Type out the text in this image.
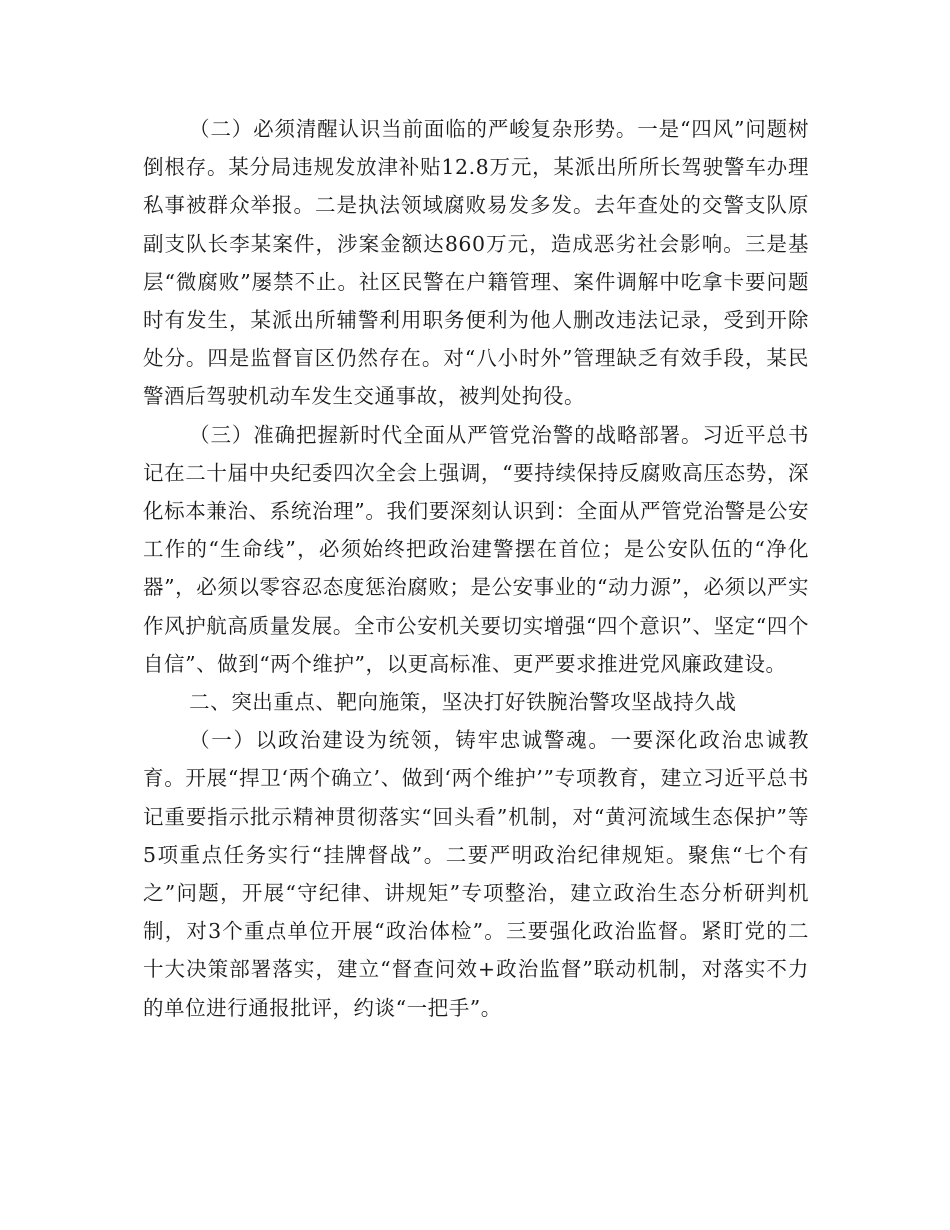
（二）必须清醒认识当前面临的严峻复杂形势。一是“四风”问题树倒根存。某分局违规发放津补贴12.8万元，某派出所所长驾驶警车办理私事被群众举报。二是执法领域腐败易发多发。去年查处的交警支队原副支队长李某案件，涉案金额达860万元，造成恶劣社会影响。三是基层“微腐败”屡禁不止。社区民警在户籍管理、案件调解中吃拿卡要问题时有发生，某派出所辅警利用职务便利为他人删改违法记录，受到开除处分。四是监督盲区仍然存在。对“八小时外”管理缺乏有效手段，某民警酒后驾驶机动车发生交通事故，被判处拘役。

（三）准确把握新时代全面从严管党治警的战略部署。习近平总书记在二十届中央纪委四次全会上强调，“要持续保持反腐败高压态势，深化标本兼治、系统治理”。我们要深刻认识到：全面从严管党治警是公安工作的“生命线”，必须始终把政治建警摆在首位；是公安队伍的“净化器”，必须以零容忍态度惩治腐败；是公安事业的“动力源”，必须以严实作风护航高质量发展。全市公安机关要切实增强“四个意识”、坚定“四个自信”、做到“两个维护”，以更高标准、更严要求推进党风廉政建设。

二、突出重点、靶向施策，坚决打好铁腕治警攻坚战持久战

（一）以政治建设为统领，铸牢忠诚警魂。一要深化政治忠诚教育。开展“捍卫‘两个确立’、做到‘两个维护’”专项教育，建立习近平总书记重要指示批示精神贯彻落实“回头看”机制，对“黄河流域生态保护”等5项重点任务实行“挂牌督战”。二要严明政治纪律规矩。聚焦“七个有之”问题，开展“守纪律、讲规矩”专项整治，建立政治生态分析研判机制，对3个重点单位开展“政治体检”。三要强化政治监督。紧盯党的二十大决策部署落实，建立“督查问效+政治监督”联动机制，对落实不力的单位进行通报批评，约谈“一把手”。
